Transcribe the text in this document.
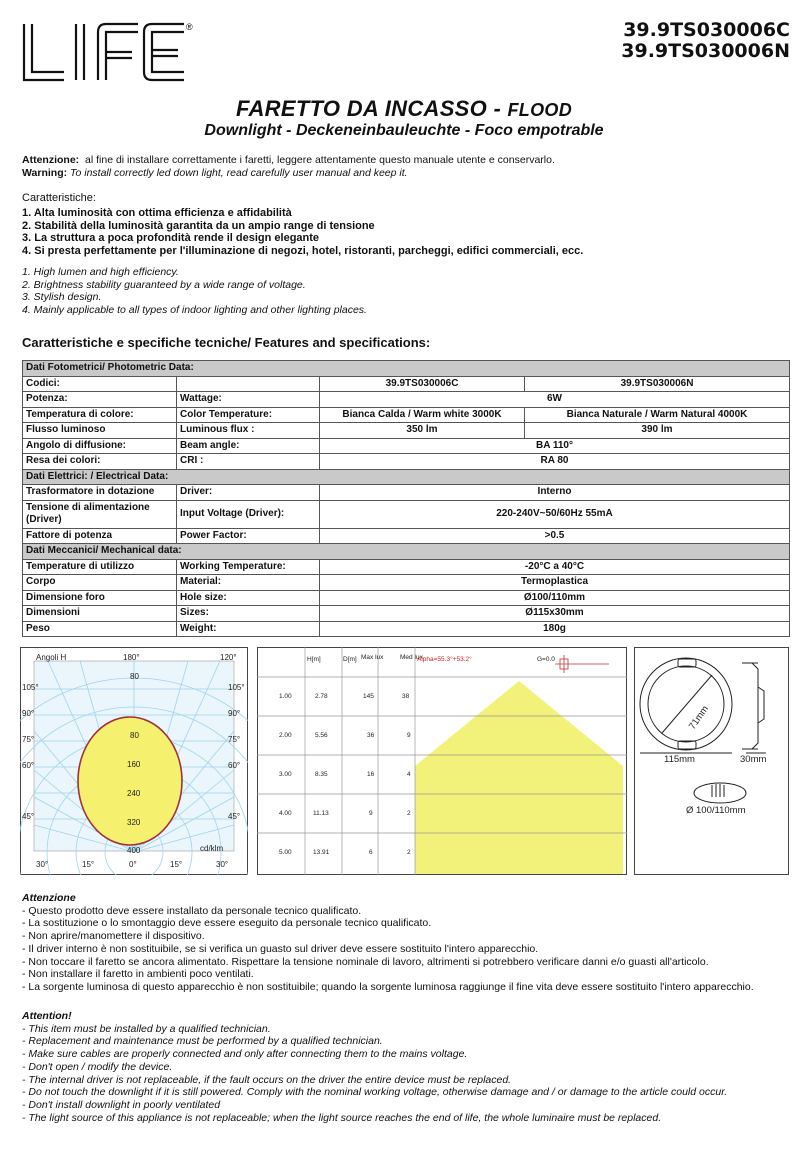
®	39.9TS030006C
39.9TS030006N
FARETTO DA INCASSO - FLOOD
Downlight - Deckeneinbauleuchte - Foco empotrable
Attenzione: al fine di installare correttamente i faretti, leggere attentamente questo manuale utente e conservarlo.
Warning: To install correctly led down light, read carefully user manual and keep it.
Caratteristiche:
1. Alta luminosità con ottima efficienza e affidabilità
2. Stabilità della luminosità garantita da un ampio range di tensione
3. La struttura a poca profondità rende il design elegante
4. Si presta perfettamente per l'illuminazione di negozi, hotel, ristoranti, parcheggi, edifici commerciali, ecc.
1. High lumen and high efficiency.
2. Brightness stability guaranteed by a wide range of voltage.
3. Stylish design.
4. Mainly applicable to all types of indoor lighting and other lighting places.
Caratteristiche e specifiche tecniche/ Features and specifications:
Dati Fotometrici/ Photometric Data:			
Codici:		39.9TS030006C	39.9TS030006N
Potenza:	Wattage:	6W	
Temperatura di colore:	Color Temperature:	Bianca Calda / Warm white 3000K	Bianca Naturale / Warm Natural 4000K
Flusso luminoso	Luminous flux :	350 lm	390 lm
Angolo di diffusione:	Beam angle:	BA 110°	
Resa dei colori:	CRI :	RA 80	
Dati Elettrici: / Electrical Data:			
Trasformatore in dotazione	Driver:	Interno	
Tensione di alimentazione (Driver)	Input Voltage (Driver):	220-240V~50/60Hz 55mA	
Fattore di potenza	Power Factor:	>0.5	
Dati Meccanici/ Mechanical data:			
Temperature di utilizzo	Working Temperature:	-20°C a 40°C	
Corpo	Material:	Termoplastica	
Dimensione foro	Hole size:	Ø100/110mm	
Dimensioni	Sizes:	Ø115x30mm	
Peso	Weight:	180g	
Angoli H	180°	120°
105°
90°
75°
60°
45°
105°
90°
75°
60°
45°
80
80
160
240
320
400	cd/klm
30°	15°	0°	15°	30°
H[m]	D[m] Max lux	Med lux
Alpha=55.3°+53.2°	G=0.0
1.00	2.78	145	38
2.00	5.56	36	9
3.00	8.35	16	4
4.00	11.13	9	2
5.00	13.91	6	2
71mm
115mm	30mm
Ø 100/110mm
Attenzione
- Questo prodotto deve essere installato da personale tecnico qualificato.
- La sostituzione o lo smontaggio deve essere eseguito da personale tecnico qualificato.
- Non aprire/manomettere il dispositivo.
- Il driver interno è non sostituibile, se si verifica un guasto sul driver deve essere sostituito l'intero apparecchio.
- Non toccare il faretto se ancora alimentato. Rispettare la tensione nominale di lavoro, altrimenti si potrebbero verificare danni e/o guasti all'articolo.
- Non installare il faretto in ambienti poco ventilati.
- La sorgente luminosa di questo apparecchio è non sostituibile; quando la sorgente luminosa raggiunge il fine vita deve essere sostituito l'intero apparecchio.
Attention!
- This item must be installed by a qualified technician.
- Replacement and maintenance must be performed by a qualified technician.
- Make sure cables are properly connected and only after connecting them to the mains voltage.
- Don't open / modify the device.
- The internal driver is not replaceable, if the fault occurs on the driver the entire device must be replaced.
- Do not touch the downlight if it is still powered. Comply with the nominal working voltage, otherwise damage and / or damage to the article could occur.
- Don't install downlight in poorly ventilated
- The light source of this appliance is not replaceable; when the light source reaches the end of life, the whole luminaire must be replaced.
